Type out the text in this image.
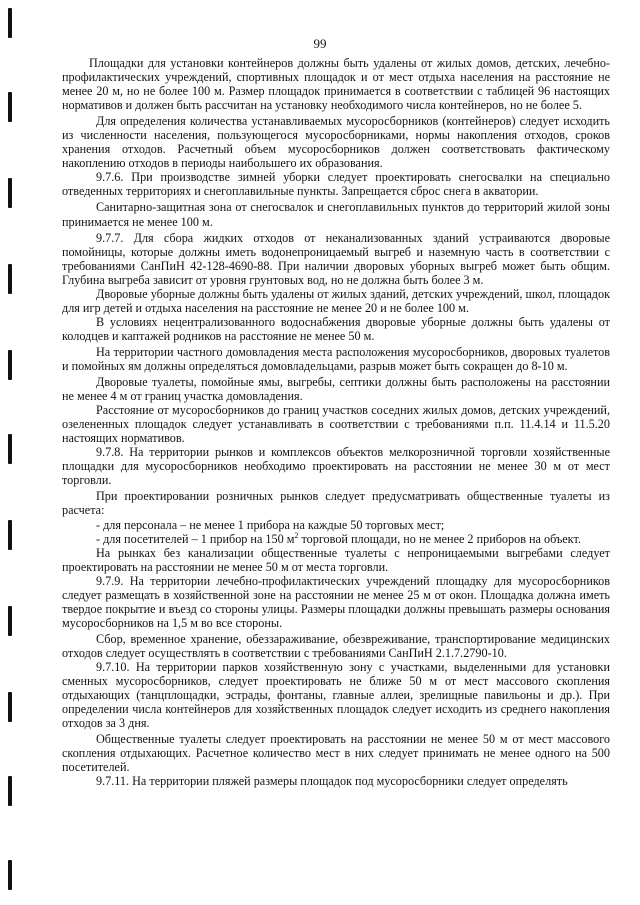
99

Площадки для установки контейнеров должны быть удалены от жилых домов, детских, лечебно-профилактических учреждений, спортивных площадок и от мест отдыха населения на расстояние не менее 20 м, но не более 100 м. Размер площадок принимается в соответствии с таблицей 96 настоящих нормативов и должен быть рассчитан на установку необходимого числа контейнеров, но не более 5.

Для определения количества устанавливаемых мусоросборников (контейнеров) следует исходить из численности населения, пользующегося мусоросборниками, нормы накопления отходов, сроков хранения отходов. Расчетный объем мусоросборников должен соответствовать фактическому накоплению отходов в периоды наибольшего их образования.

9.7.6. При производстве зимней уборки следует проектировать снегосвалки на специально отведенных территориях и снегоплавильные пункты. Запрещается сброс снега в акватории.

Санитарно-защитная зона от снегосвалок и снегоплавильных пунктов до территорий жилой зоны принимается не менее 100 м.

9.7.7. Для сбора жидких отходов от неканализованных зданий устраиваются дворовые помойницы, которые должны иметь водонепроницаемый выгреб и наземную часть в соответствии с требованиями СанПиН 42-128-4690-88. При наличии дворовых уборных выгреб может быть общим. Глубина выгреба зависит от уровня грунтовых вод, но не должна быть более 3 м.

Дворовые уборные должны быть удалены от жилых зданий, детских учреждений, школ, площадок для игр детей и отдыха населения на расстояние не менее 20 и не более 100 м.

В условиях нецентрализованного водоснабжения дворовые уборные должны быть удалены от колодцев и каптажей родников на расстояние не менее 50 м.

На территории частного домовладения места расположения мусоросборников, дворовых туалетов и помойных ям должны определяться домовладельцами, разрыв может быть сокращен до 8-10 м.

Дворовые туалеты, помойные ямы, выгребы, септики должны быть расположены на расстоянии не менее 4 м от границ участка домовладения.

Расстояние от мусоросборников до границ участков соседних жилых домов, детских учреждений, озелененных площадок следует устанавливать в соответствии с требованиями п.п. 11.4.14 и 11.5.20 настоящих нормативов.

9.7.8. На территории рынков и комплексов объектов мелкорозничной торговли хозяйственные площадки для мусоросборников необходимо проектировать на расстоянии не менее 30 м от мест торговли.

При проектировании розничных рынков следует предусматривать общественные туалеты из расчета:

- для персонала – не менее 1 прибора на каждые 50 торговых мест;

- для посетителей – 1 прибор на 150 $м^2$ торговой площади, но не менее 2 приборов на объект.

На рынках без канализации общественные туалеты с непроницаемыми выгребами следует проектировать на расстоянии не менее 50 м от места торговли.

9.7.9. На территории лечебно-профилактических учреждений площадку для мусоросборников следует размещать в хозяйственной зоне на расстоянии не менее 25 м от окон. Площадка должна иметь твердое покрытие и въезд со стороны улицы. Размеры площадки должны превышать размеры основания мусоросборников на 1,5 м во все стороны.

Сбор, временное хранение, обеззараживание, обезвреживание, транспортирование медицинских отходов следует осуществлять в соответствии с требованиями СанПиН 2.1.7.2790-10.

9.7.10. На территории парков хозяйственную зону с участками, выделенными для установки сменных мусоросборников, следует проектировать не ближе 50 м от мест массового скопления отдыхающих (танцплощадки, эстрады, фонтаны, главные аллеи, зрелищные павильоны и др.). При определении числа контейнеров для хозяйственных площадок следует исходить из среднего накопления отходов за 3 дня.

Общественные туалеты следует проектировать на расстоянии не менее 50 м от мест массового скопления отдыхающих. Расчетное количество мест в них следует принимать не менее одного на 500 посетителей.

9.7.11. На территории пляжей размеры площадок под мусоросборники следует определять
